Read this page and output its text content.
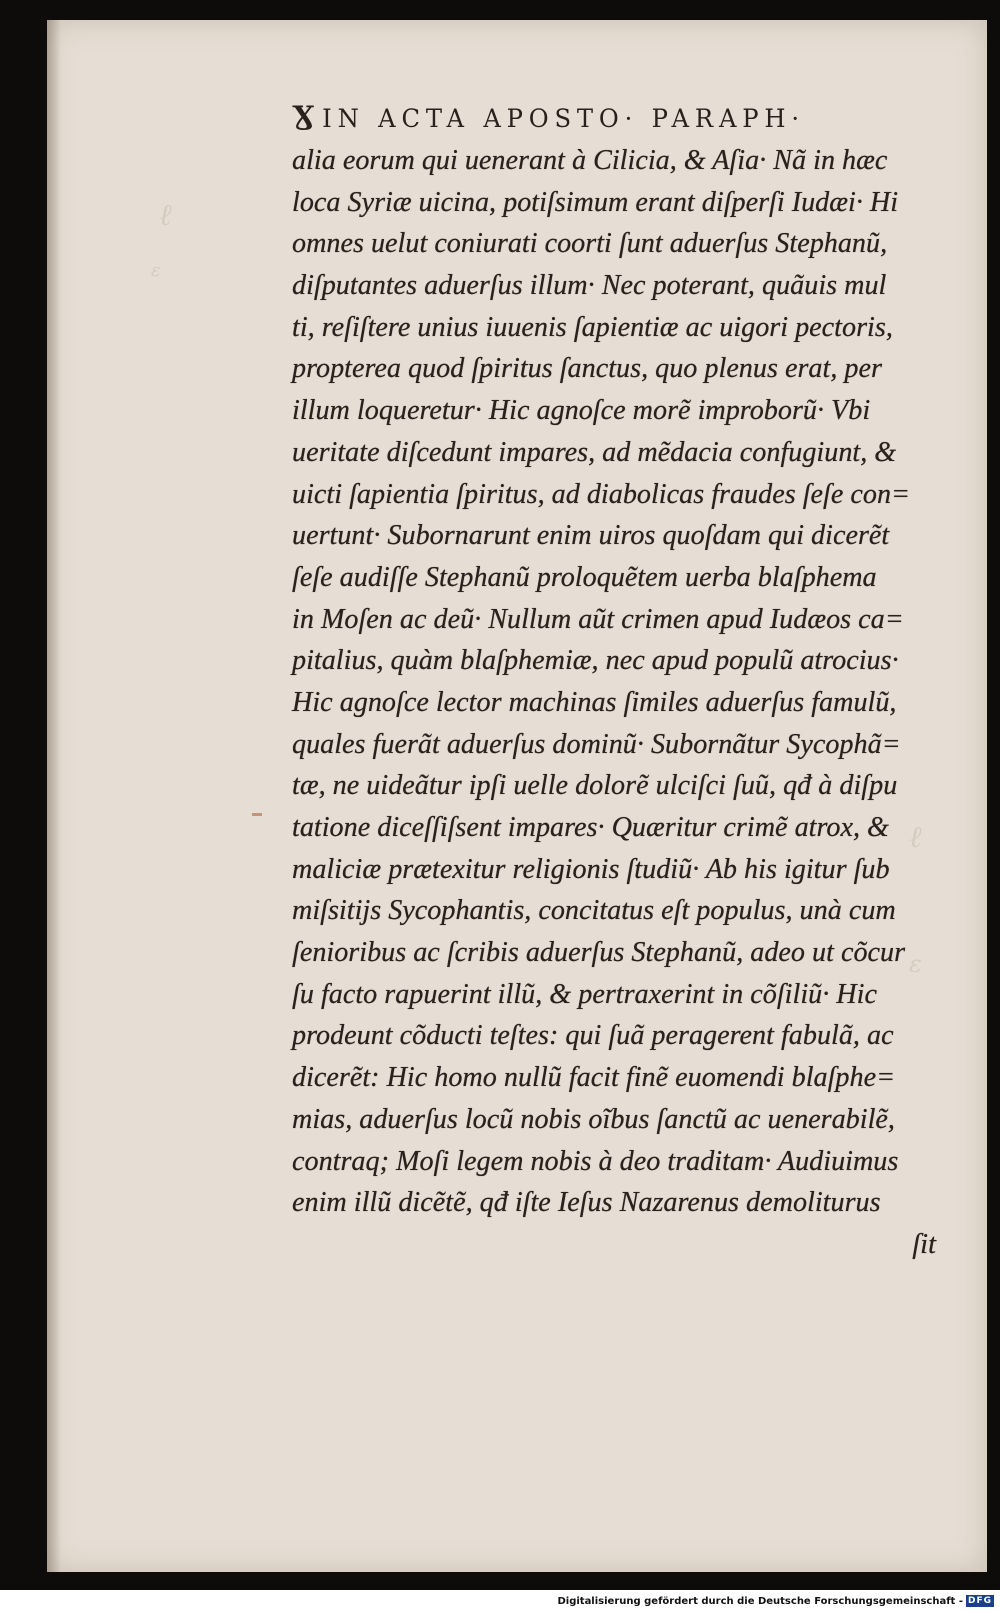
ℓ
ε
ℓ
ε
Ɣ IN ACTA APOSTO· PARAPH·
alia eorum qui uenerant à Cilicia, & Aſia· Nã in hæc
loca Syriæ uicina, potiſsimum erant diſperſi Iudæi· Hi
omnes uelut coniurati coorti ſunt aduerſus Stephanũ,
diſputantes aduerſus illum· Nec poterant, quãuis mul
ti, reſiſtere unius iuuenis ſapientiæ ac uigori pectoris,
propterea quod ſpiritus ſanctus, quo plenus erat, per
illum loqueretur· Hic agnoſce morẽ improborũ· Vbi
ueritate diſcedunt impares, ad mẽdacia confugiunt, &
uicti ſapientia ſpiritus, ad diabolicas fraudes ſeſe con=
uertunt· Subornarunt enim uiros quoſdam qui dicerẽt
ſeſe audiſſe Stephanũ proloquẽtem uerba blaſphema
in Moſen ac deũ· Nullum aũt crimen apud Iudæos ca=
pitalius, quàm blaſphemiæ, nec apud populũ atrocius·
Hic agnoſce lector machinas ſimiles aduerſus famulũ,
quales fuerãt aduerſus dominũ· Subornãtur Sycophã=
tæ, ne uideãtur ipſi uelle dolorẽ ulciſci ſuũ, qđ à diſpu
tatione diceſſiſsent impares· Quæritur crimẽ atrox, &
maliciæ prætexitur religionis ſtudiũ· Ab his igitur ſub
miſsitijs Sycophantis, concitatus eſt populus, unà cum
ſenioribus ac ſcribis aduerſus Stephanũ, adeo ut cõcur
ſu facto rapuerint illũ, & pertraxerint in cõſiliũ· Hic
prodeunt cõducti teſtes: qui ſuã peragerent fabulã, ac
dicerẽt: Hic homo nullũ facit finẽ euomendi blaſphe=
mias, aduerſus locũ nobis oĩbus ſanctũ ac uenerabilẽ,
contraq; Moſi legem nobis à deo traditam· Audiuimus
enim illũ dicẽtẽ, qđ iſte Ieſus Nazarenus demoliturus
ſit
Digitalisierung gefördert durch die Deutsche Forschungsgemeinschaft - DFG
